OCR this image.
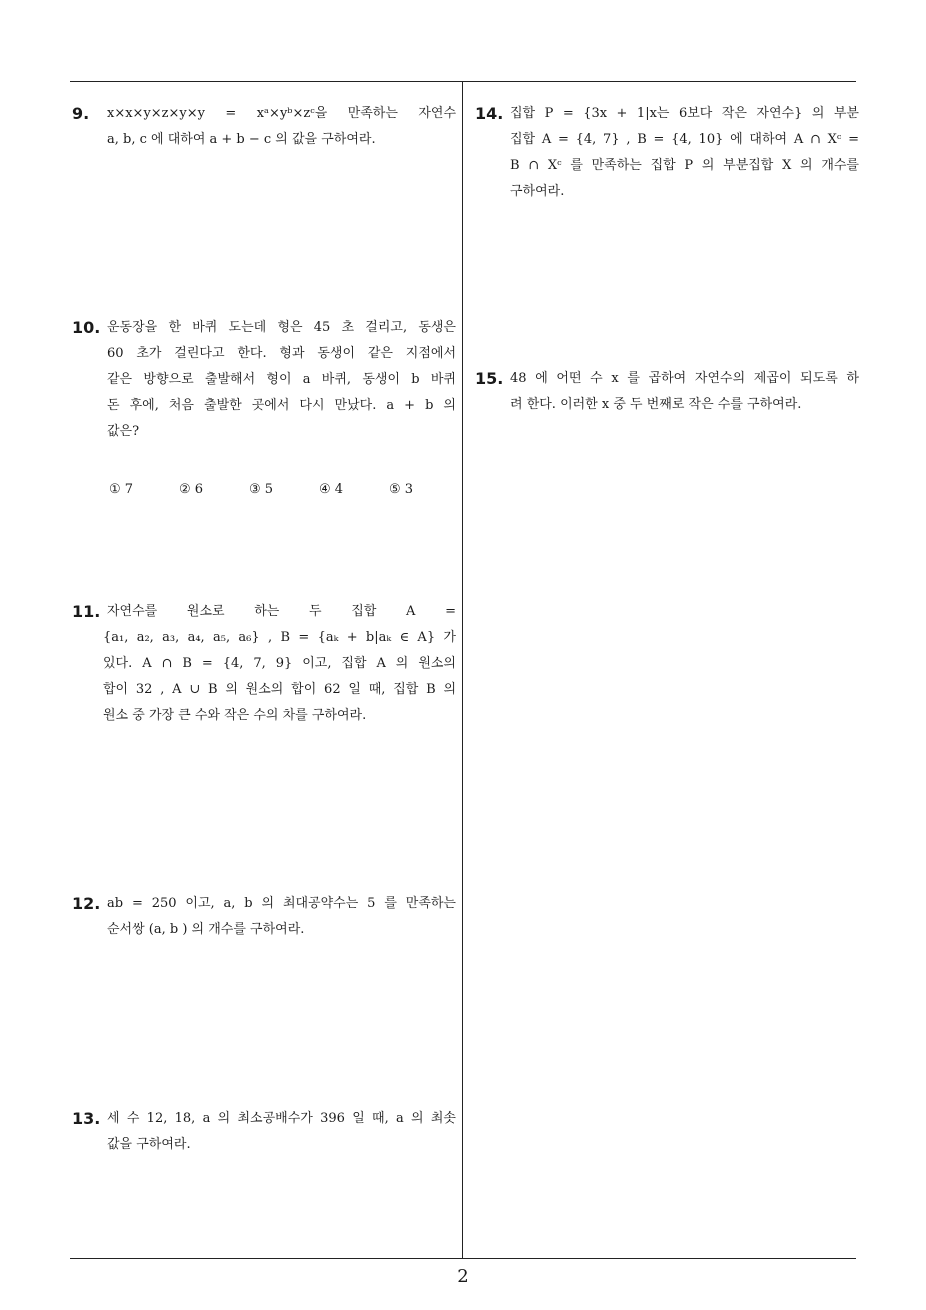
9. x×x×y×z×y×y = xᵃ×yᵇ×zᶜ을 만족하는 자연수
a, b, c 에 대하여 a + b − c 의 값을 구하여라.
10. 운동장을 한 바퀴 도는데 형은 45 초 걸리고, 동생은
60 초가 걸린다고 한다. 형과 동생이 같은 지점에서
같은 방향으로 출발해서 형이 a 바퀴, 동생이 b 바퀴
돈 후에, 처음 출발한 곳에서 다시 만났다. a + b 의
값은?
① 7	② 6	③ 5	④ 4	⑤ 3
11. 자연수를 원소로 하는 두 집합 A =
{a₁, a₂, a₃, a₄, a₅, a₆} , B = {aₖ + b|aₖ ∈ A} 가
있다. A ∩ B = {4, 7, 9} 이고, 집합 A 의 원소의
합이 32 , A ∪ B 의 원소의 합이 62 일 때, 집합 B 의
원소 중 가장 큰 수와 작은 수의 차를 구하여라.
12. ab = 250 이고, a, b 의 최대공약수는 5 를 만족하는
순서쌍 (a, b ) 의 개수를 구하여라.
13. 세 수 12, 18, a 의 최소공배수가 396 일 때, a 의 최솟
값을 구하여라.
14. 집합 P = {3x + 1|x는 6보다 작은 자연수} 의 부분
집합 A = {4, 7} , B = {4, 10} 에 대하여 A ∩ Xᶜ =
B ∩ Xᶜ 를 만족하는 집합 P 의 부분집합 X 의 개수를
구하여라.
15. 48 에 어떤 수 x 를 곱하여 자연수의 제곱이 되도록 하
려 한다. 이러한 x 중 두 번째로 작은 수를 구하여라.
2
